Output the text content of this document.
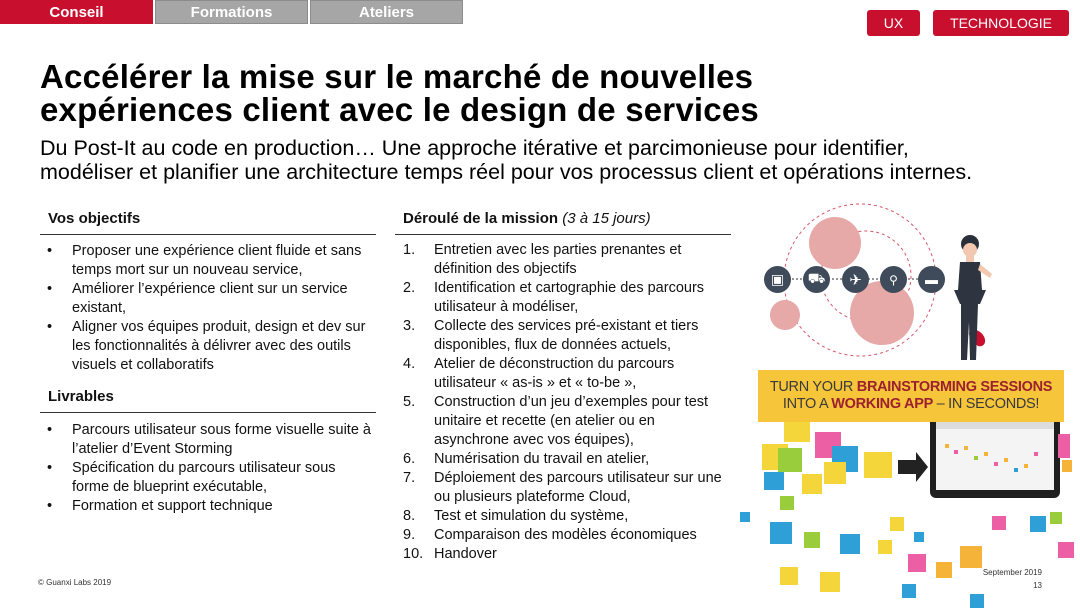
Conseil	Formations	Ateliers
UX	TECHNOLOGIE
Accélérer la mise sur le marché de nouvelles
expériences client avec le design de services

Du Post-It au code en production… Une approche itérative et parcimonieuse pour identifier,
modéliser et planifier une architecture temps réel pour vos processus client et opérations internes.

Vos objectifs
• Proposer une expérience client fluide et sans temps mort sur un nouveau service,
• Améliorer l’expérience client sur un service existant,
• Aligner vos équipes produit, design et dev sur les fonctionnalités à délivrer avec des outils visuels et collaboratifs
Livrables
• Parcours utilisateur sous forme visuelle suite à l’atelier d’Event Storming
• Spécification du parcours utilisateur sous forme de blueprint exécutable,
• Formation et support technique
Déroulé de la mission (3 à 15 jours)
1. Entretien avec les parties prenantes et définition des objectifs
2. Identification et cartographie des parcours utilisateur à modéliser,
3. Collecte des services pré-existant et tiers disponibles, flux de données actuels,
4. Atelier de déconstruction du parcours utilisateur « as-is » et « to-be »,
5. Construction d’un jeu d’exemples pour test unitaire et recette (en atelier ou en asynchrone avec vos équipes),
6. Numérisation du travail en atelier,
7. Déploiement des parcours utilisateur sur une ou plusieurs plateforme Cloud,
8. Test et simulation du système,
9. Comparaison des modèles économiques
10. Handover
▣	⛟	✈	⚲	▬
TURN YOUR BRAINSTORMING SESSIONS
INTO A WORKING APP – IN SECONDS!
© Guanxi Labs 2019
September 2019
13
